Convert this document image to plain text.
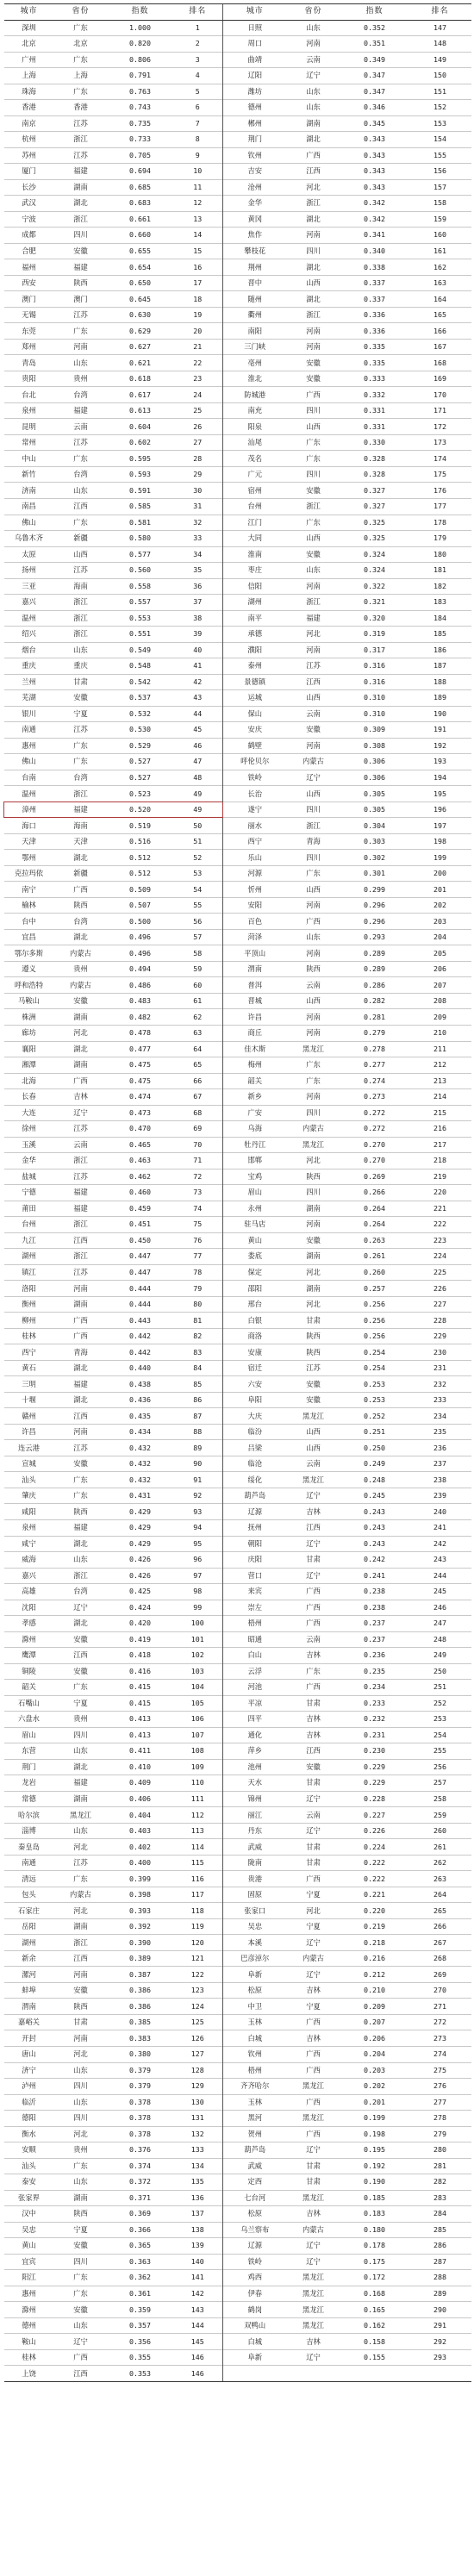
城市	省份	指数	排名	城市	省份	指数	排名
深圳	广东	1.000	1	日照	山东	0.352	147
北京	北京	0.820	2	周口	河南	0.351	148
广州	广东	0.806	3	曲靖	云南	0.349	149
上海	上海	0.791	4	辽阳	辽宁	0.347	150
珠海	广东	0.763	5	潍坊	山东	0.347	151
香港	香港	0.743	6	德州	山东	0.346	152
南京	江苏	0.735	7	郴州	湖南	0.345	153
杭州	浙江	0.733	8	荆门	湖北	0.343	154
苏州	江苏	0.705	9	钦州	广西	0.343	155
厦门	福建	0.694	10	吉安	江西	0.343	156
长沙	湖南	0.685	11	沧州	河北	0.343	157
武汉	湖北	0.683	12	金华	浙江	0.342	158
宁波	浙江	0.661	13	黄冈	湖北	0.342	159
成都	四川	0.660	14	焦作	河南	0.341	160
合肥	安徽	0.655	15	攀枝花	四川	0.340	161
福州	福建	0.654	16	荆州	湖北	0.338	162
西安	陕西	0.650	17	晋中	山西	0.337	163
澳门	澳门	0.645	18	随州	湖北	0.337	164
无锡	江苏	0.630	19	衢州	浙江	0.336	165
东莞	广东	0.629	20	南阳	河南	0.336	166
郑州	河南	0.627	21	三门峡	河南	0.335	167
青岛	山东	0.621	22	亳州	安徽	0.335	168
贵阳	贵州	0.618	23	淮北	安徽	0.333	169
台北	台湾	0.617	24	防城港	广西	0.332	170
泉州	福建	0.613	25	南充	四川	0.331	171
昆明	云南	0.604	26	阳泉	山西	0.331	172
常州	江苏	0.602	27	汕尾	广东	0.330	173
中山	广东	0.595	28	茂名	广东	0.328	174
新竹	台湾	0.593	29	广元	四川	0.328	175
济南	山东	0.591	30	宿州	安徽	0.327	176
南昌	江西	0.585	31	台州	浙江	0.327	177
佛山	广东	0.581	32	江门	广东	0.325	178
乌鲁木齐	新疆	0.580	33	大同	山西	0.325	179
太原	山西	0.577	34	淮南	安徽	0.324	180
扬州	江苏	0.560	35	枣庄	山东	0.324	181
三亚	海南	0.558	36	信阳	河南	0.322	182
嘉兴	浙江	0.557	37	湖州	浙江	0.321	183
温州	浙江	0.553	38	南平	福建	0.320	184
绍兴	浙江	0.551	39	承德	河北	0.319	185
烟台	山东	0.549	40	濮阳	河南	0.317	186
重庆	重庆	0.548	41	泰州	江苏	0.316	187
兰州	甘肃	0.542	42	景德镇	江西	0.316	188
芜湖	安徽	0.537	43	运城	山西	0.310	189
银川	宁夏	0.532	44	保山	云南	0.310	190
南通	江苏	0.530	45	安庆	安徽	0.309	191
惠州	广东	0.529	46	鹤壁	河南	0.308	192
佛山	广东	0.527	47	呼伦贝尔	内蒙古	0.306	193
台南	台湾	0.527	48	铁岭	辽宁	0.306	194
温州	浙江	0.523	49	长治	山西	0.305	195
漳州	福建	0.520	49	遂宁	四川	0.305	196
海口	海南	0.519	50	丽水	浙江	0.304	197
天津	天津	0.516	51	西宁	青海	0.303	198
鄂州	湖北	0.512	52	乐山	四川	0.302	199
克拉玛依	新疆	0.512	53	河源	广东	0.301	200
南宁	广西	0.509	54	忻州	山西	0.299	201
榆林	陕西	0.507	55	安阳	河南	0.296	202
台中	台湾	0.500	56	百色	广西	0.296	203
宜昌	湖北	0.496	57	菏泽	山东	0.293	204
鄂尔多斯	内蒙古	0.496	58	平顶山	河南	0.289	205
遵义	贵州	0.494	59	渭南	陕西	0.289	206
呼和浩特	内蒙古	0.486	60	普洱	云南	0.286	207
马鞍山	安徽	0.483	61	晋城	山西	0.282	208
株洲	湖南	0.482	62	许昌	河南	0.281	209
廊坊	河北	0.478	63	商丘	河南	0.279	210
襄阳	湖北	0.477	64	佳木斯	黑龙江	0.278	211
湘潭	湖南	0.475	65	梅州	广东	0.277	212
北海	广西	0.475	66	韶关	广东	0.274	213
长春	吉林	0.474	67	新乡	河南	0.273	214
大连	辽宁	0.473	68	广安	四川	0.272	215
徐州	江苏	0.470	69	乌海	内蒙古	0.272	216
玉溪	云南	0.465	70	牡丹江	黑龙江	0.270	217
金华	浙江	0.463	71	邯郸	河北	0.270	218
盐城	江苏	0.462	72	宝鸡	陕西	0.269	219
宁德	福建	0.460	73	眉山	四川	0.266	220
莆田	福建	0.459	74	永州	湖南	0.264	221
台州	浙江	0.451	75	驻马店	河南	0.264	222
九江	江西	0.450	76	黄山	安徽	0.263	223
湖州	浙江	0.447	77	娄底	湖南	0.261	224
镇江	江苏	0.447	78	保定	河北	0.260	225
洛阳	河南	0.444	79	邵阳	湖南	0.257	226
衡州	湖南	0.444	80	邢台	河北	0.256	227
柳州	广西	0.443	81	白银	甘肃	0.256	228
桂林	广西	0.442	82	商洛	陕西	0.256	229
西宁	青海	0.442	83	安康	陕西	0.254	230
黄石	湖北	0.440	84	宿迁	江苏	0.254	231
三明	福建	0.438	85	六安	安徽	0.253	232
十堰	湖北	0.436	86	阜阳	安徽	0.253	233
赣州	江西	0.435	87	大庆	黑龙江	0.252	234
许昌	河南	0.434	88	临汾	山西	0.251	235
连云港	江苏	0.432	89	吕梁	山西	0.250	236
宣城	安徽	0.432	90	临沧	云南	0.249	237
汕头	广东	0.432	91	绥化	黑龙江	0.248	238
肇庆	广东	0.431	92	葫芦岛	辽宁	0.245	239
咸阳	陕西	0.429	93	辽源	吉林	0.243	240
泉州	福建	0.429	94	抚州	江西	0.243	241
咸宁	湖北	0.429	95	朝阳	辽宁	0.243	242
威海	山东	0.426	96	庆阳	甘肃	0.242	243
嘉兴	浙江	0.426	97	营口	辽宁	0.241	244
高雄	台湾	0.425	98	来宾	广西	0.238	245
沈阳	辽宁	0.424	99	崇左	广西	0.238	246
孝感	湖北	0.420	100	梧州	广西	0.237	247
滁州	安徽	0.419	101	昭通	云南	0.237	248
鹰潭	江西	0.418	102	白山	吉林	0.236	249
铜陵	安徽	0.416	103	云浮	广东	0.235	250
韶关	广东	0.415	104	河池	广西	0.234	251
石嘴山	宁夏	0.415	105	平凉	甘肃	0.233	252
六盘水	贵州	0.413	106	四平	吉林	0.232	253
眉山	四川	0.413	107	通化	吉林	0.231	254
东营	山东	0.411	108	萍乡	江西	0.230	255
荆门	湖北	0.410	109	池州	安徽	0.229	256
龙岩	福建	0.409	110	天水	甘肃	0.229	257
常德	湖南	0.406	111	锦州	辽宁	0.228	258
哈尔滨	黑龙江	0.404	112	丽江	云南	0.227	259
淄博	山东	0.403	113	丹东	辽宁	0.226	260
秦皇岛	河北	0.402	114	武威	甘肃	0.224	261
南通	江苏	0.400	115	陇南	甘肃	0.222	262
清远	广东	0.399	116	贵港	广西	0.222	263
包头	内蒙古	0.398	117	固原	宁夏	0.221	264
石家庄	河北	0.393	118	张家口	河北	0.220	265
岳阳	湖南	0.392	119	吴忠	宁夏	0.219	266
湖州	浙江	0.390	120	本溪	辽宁	0.218	267
新余	江西	0.389	121	巴彦淖尔	内蒙古	0.216	268
漯河	河南	0.387	122	阜新	辽宁	0.212	269
蚌埠	安徽	0.386	123	松原	吉林	0.210	270
渭南	陕西	0.386	124	中卫	宁夏	0.209	271
嘉峪关	甘肃	0.385	125	玉林	广西	0.207	272
开封	河南	0.383	126	白城	吉林	0.206	273
唐山	河北	0.380	127	钦州	广西	0.204	274
济宁	山东	0.379	128	梧州	广西	0.203	275
泸州	四川	0.379	129	齐齐哈尔	黑龙江	0.202	276
临沂	山东	0.378	130	玉林	广西	0.201	277
德阳	四川	0.378	131	黑河	黑龙江	0.199	278
衡水	河北	0.378	132	贺州	广西	0.198	279
安顺	贵州	0.376	133	葫芦岛	辽宁	0.195	280
汕头	广东	0.374	134	武威	甘肃	0.192	281
泰安	山东	0.372	135	定西	甘肃	0.190	282
张家界	湖南	0.371	136	七台河	黑龙江	0.185	283
汉中	陕西	0.369	137	松原	吉林	0.183	284
吴忠	宁夏	0.366	138	乌兰察布	内蒙古	0.180	285
黄山	安徽	0.365	139	辽源	辽宁	0.178	286
宜宾	四川	0.363	140	铁岭	辽宁	0.175	287
阳江	广东	0.362	141	鸡西	黑龙江	0.172	288
惠州	广东	0.361	142	伊春	黑龙江	0.168	289
滁州	安徽	0.359	143	鹤岗	黑龙江	0.165	290
德州	山东	0.357	144	双鸭山	黑龙江	0.162	291
鞍山	辽宁	0.356	145	白城	吉林	0.158	292
桂林	广西	0.355	146	阜新	辽宁	0.155	293
上饶	江西	0.353	146				
